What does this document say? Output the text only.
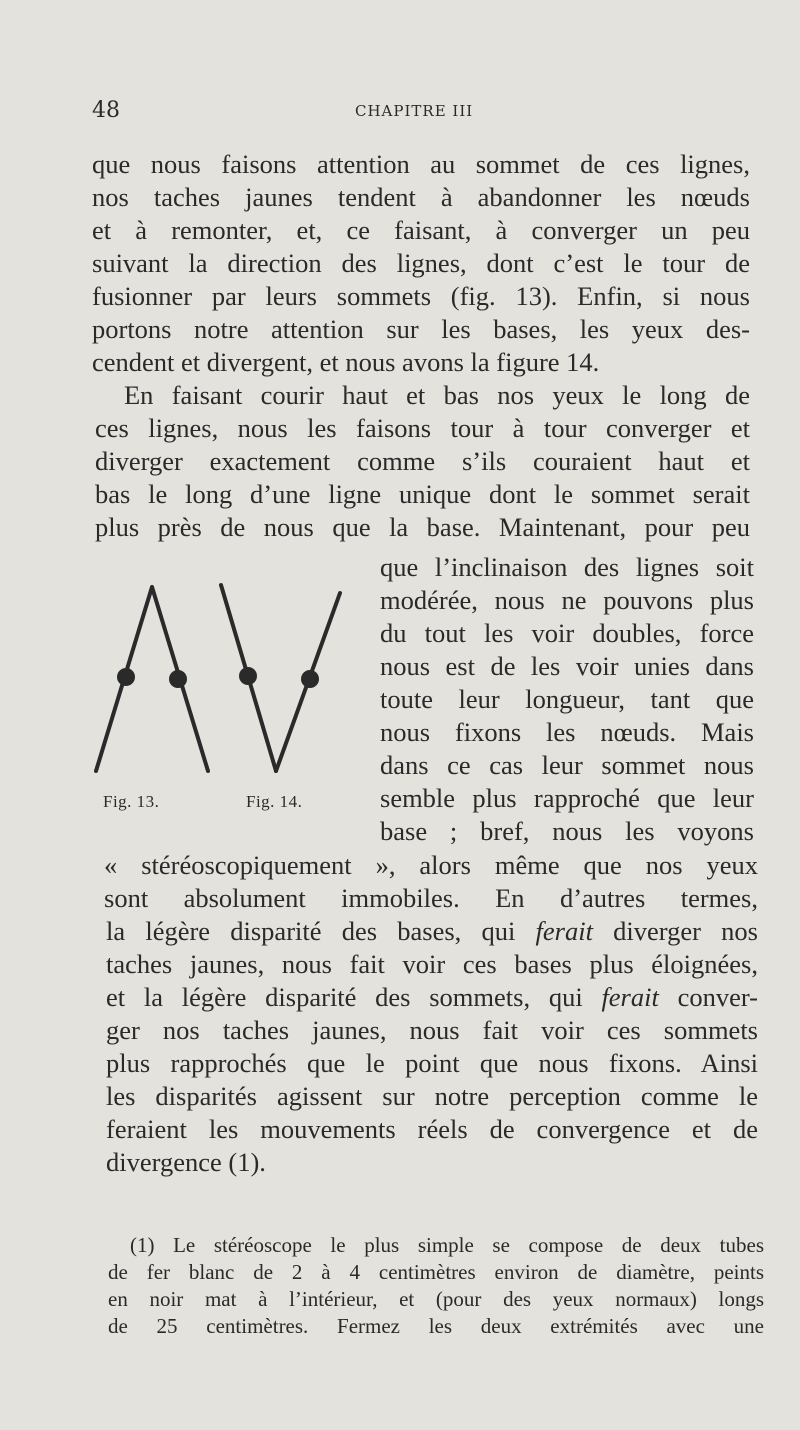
48	CHAPITRE III
que nous faisons attention au sommet de ces lignes,
nos taches jaunes tendent à abandonner les nœuds
et à remonter, et, ce faisant, à converger un peu
suivant la direction des lignes, dont c’est le tour de
fusionner par leurs sommets (fig. 13). Enfin, si nous
portons notre attention sur les bases, les yeux des-
cendent et divergent, et nous avons la figure 14.
En faisant courir haut et bas nos yeux le long de
ces lignes, nous les faisons tour à tour converger et
diverger exactement comme s’ils couraient haut et
bas le long d’une ligne unique dont le sommet serait
plus près de nous que la base. Maintenant, pour peu
que l’inclinaison des lignes soit
modérée, nous ne pouvons plus
du tout les voir doubles, force
nous est de les voir unies dans
toute leur longueur, tant que
nous fixons les nœuds. Mais
dans ce cas leur sommet nous
semble plus rapproché que leur
base ; bref, nous les voyons
« stéréoscopiquement », alors même que nos yeux
sont absolument immobiles. En d’autres termes,
la légère disparité des bases, qui ferait diverger nos
taches jaunes, nous fait voir ces bases plus éloignées,
et la légère disparité des sommets, qui ferait conver-
ger nos taches jaunes, nous fait voir ces sommets
plus rapprochés que le point que nous fixons. Ainsi
les disparités agissent sur notre perception comme le
feraient les mouvements réels de convergence et de
divergence (1).
Fig. 13.	Fig. 14.
(1) Le stéréoscope le plus simple se compose de deux tubes
de fer blanc de 2 à 4 centimètres environ de diamètre, peints
en noir mat à l’intérieur, et (pour des yeux normaux) longs
de 25 centimètres. Fermez les deux extrémités avec une
